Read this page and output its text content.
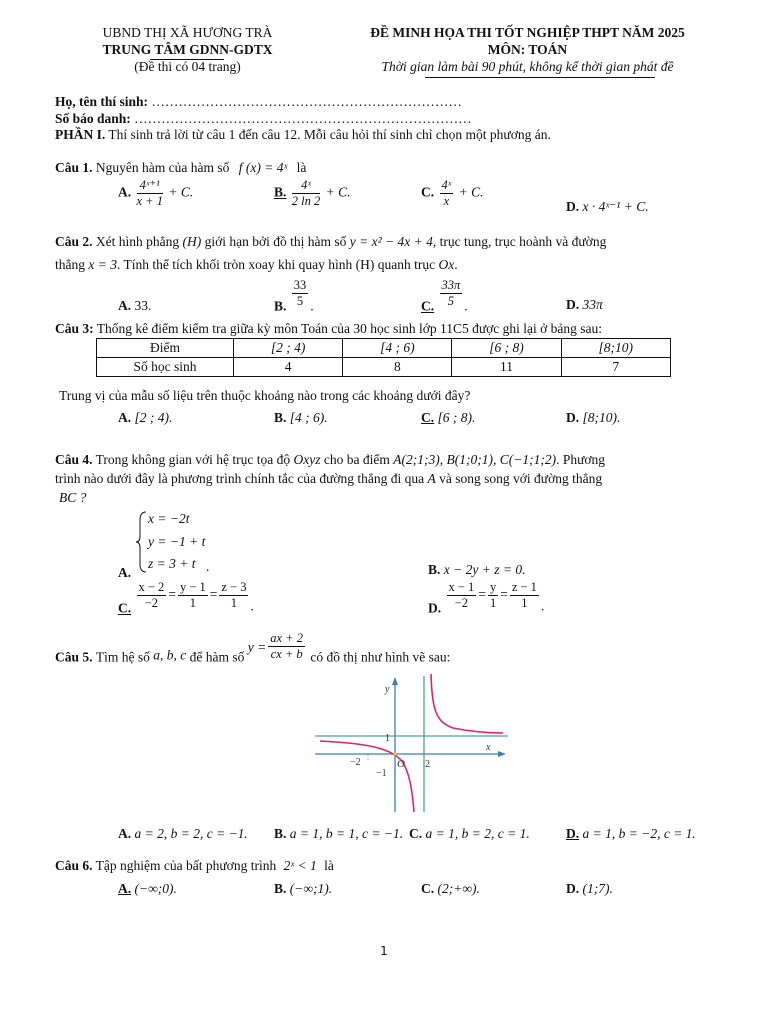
UBND THỊ XÃ HƯƠNG TRÀ
TRUNG TÂM GDNN-GDTX
(Đề thi có 04 trang)
ĐỀ MINH HỌA THI TỐT NGHIỆP THPT NĂM 2025
MÔN: TOÁN
Thời gian làm bài 90 phút, không kể thời gian phát đề
Họ, tên thí sinh: ……………………………………………………………
Số báo danh: …………………………………………………………………
PHẦN I. Thí sinh trả lời từ câu 1 đến câu 12. Mỗi câu hỏi thí sinh chỉ chọn một phương án.
Câu 1. Nguyên hàm của hàm số f (x) = 4ˣ là
A. $\frac{\text{4ˣ⁺¹}}{x + 1} + C$.	B. $\frac{\text{4ˣ}}{2 \ln 2} + C$.	C. $\frac{\text{4ˣ}}{x} + C$.
D. x · 4ˣ⁻¹ + C.
Câu 2. Xét hình phẳng (H) giới hạn bởi đồ thị hàm số y = x² − 4x + 4, trục tung, trục hoành và đường
thẳng x = 3. Tính thể tích khối tròn xoay khi quay hình (H) quanh trục Ox.
A. 33.	B. $\frac{33}{5}$ .	C. $\frac{33\pi}{5}$ .	D. 33π
Câu 3: Thống kê điểm kiểm tra giữa kỳ môn Toán của 30 học sinh lớp 11C5 được ghi lại ở bảng sau:
Điểm	[2 ; 4)	[4 ; 6)	[6 ; 8)	[8;10)
Số học sinh	4	8	11	7
Trung vị của mẫu số liệu trên thuộc khoảng nào trong các khoảng dưới đây?
A. [2 ; 4).	B. [4 ; 6).	C. [6 ; 8).	D. [8;10).
Câu 4. Trong không gian với hệ trục tọa độ Oxyz cho ba điểm A(2;1;3), B(1;0;1), C(−1;1;2). Phương
trình nào dưới đây là phương trình chính tắc của đường thẳng đi qua A và song song với đường thẳng
BC ?
A.
x = −2t
y = −1 + t
z = 3 + t .	B. x − 2y + z = 0.
C. $\frac{x - 2}{-2} = \frac{y - 1}{1} = \frac{z - 3}{1}$ .	D. $\frac{x - 1}{-2} = \frac{y}{1} = \frac{z - 1}{1}$ .
Câu 5. Tìm hệ số a, b, c để hàm số $y = \frac{ax + 2}{cx + b}$ có đồ thị như hình vẽ sau:
y
x
1
O 2
−2
−1
A. a = 2, b = 2, c = −1. B. a = 1, b = 1, c = −1. C. a = 1, b = 2, c = 1.	D. a = 1, b = −2, c = 1.
Câu 6. Tập nghiệm của bất phương trình 2ˣ < 1 là
A. (−∞;0).	B. (−∞;1).	C. (2;+∞).	D. (1;7).
1
